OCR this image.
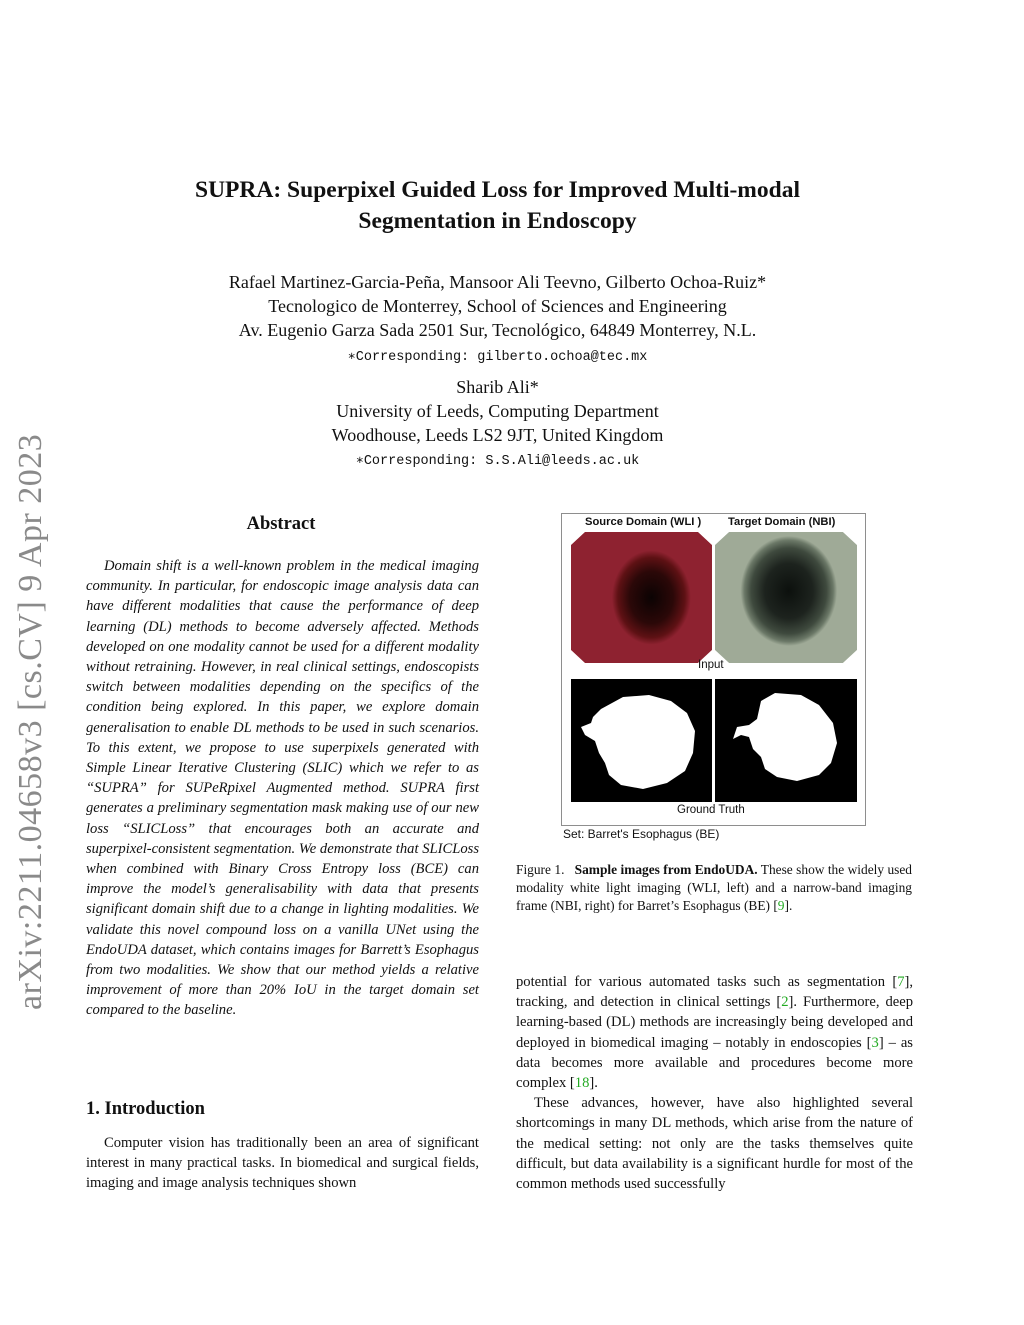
arXiv:2211.04658v3 [cs.CV] 9 Apr 2023
SUPRA: Superpixel Guided Loss for Improved Multi-modal
Segmentation in Endoscopy
Rafael Martinez-Garcia-Peña, Mansoor Ali Teevno, Gilberto Ochoa-Ruiz*
Tecnologico de Monterrey, School of Sciences and Engineering
Av. Eugenio Garza Sada 2501 Sur, Tecnológico, 64849 Monterrey, N.L.
∗Corresponding: gilberto.ochoa@tec.mx
Sharib Ali*
University of Leeds, Computing Department
Woodhouse, Leeds LS2 9JT, United Kingdom
∗Corresponding: S.S.Ali@leeds.ac.uk
Abstract
Domain shift is a well-known problem in the medical imaging community. In particular, for endoscopic image analysis data can have different modalities that cause the performance of deep learning (DL) methods to become adversely affected. Methods developed on one modality cannot be used for a different modality without retraining. However, in real clinical settings, endoscopists switch between modalities depending on the specifics of the condition being explored. In this paper, we explore domain generalisation to enable DL methods to be used in such scenarios. To this extent, we propose to use superpixels generated with Simple Linear Iterative Clustering (SLIC) which we refer to as “SUPRA” for SUPeRpixel Augmented method. SUPRA first generates a preliminary segmentation mask making use of our new loss “SLICLoss” that encourages both an accurate and superpixel-consistent segmentation. We demonstrate that SLICLoss when combined with Binary Cross Entropy loss (BCE) can improve the model’s generalisability with data that presents significant domain shift due to a change in lighting modalities. We validate this novel compound loss on a vanilla UNet using the EndoUDA dataset, which contains images for Barrett’s Esophagus from two modalities. We show that our method yields a relative improvement of more than 20% IoU in the target domain set compared to the baseline.
1. Introduction
Computer vision has traditionally been an area of significant interest in many practical tasks. In biomedical and surgical fields, imaging and image analysis techniques shown
Source Domain (WLI ) Target Domain (NBI)
Input
Ground Truth
Set: Barret's Esophagus (BE)
Figure 1. Sample images from EndoUDA. These show the widely used modality white light imaging (WLI, left) and a narrow-band imaging frame (NBI, right) for Barret’s Esophagus (BE) [9].

potential for various automated tasks such as segmentation [7], tracking, and detection in clinical settings [2]. Furthermore, deep learning-based (DL) methods are increasingly being developed and deployed in biomedical imaging – notably in endoscopies [3] – as data becomes more available and procedures become more complex [18].

These advances, however, have also highlighted several shortcomings in many DL methods, which arise from the nature of the medical setting: not only are the tasks themselves quite difficult, but data availability is a significant hurdle for most of the common methods used successfully
